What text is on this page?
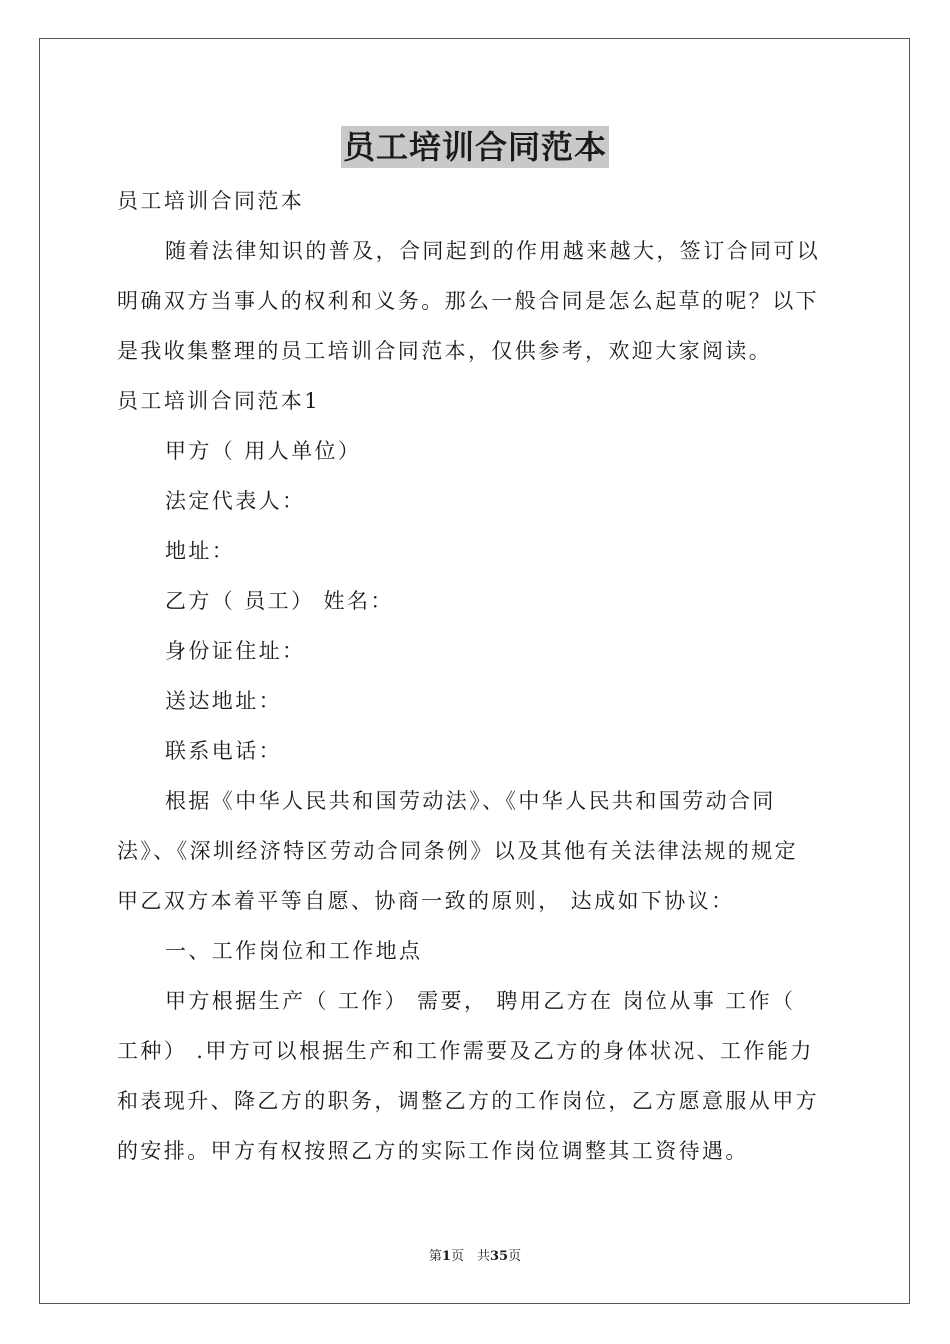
员工培训合同范本
员工培训合同范本
随着法律知识的普及，合同起到的作用越来越大，签订合同可以
明确双方当事人的权利和义务。那么一般合同是怎么起草的呢？以下
是我收集整理的员工培训合同范本，仅供参考，欢迎大家阅读。
员工培训合同范本1
甲方（ 用人单位）
法定代表人：
地址：
乙方（ 员工） 姓名：
身份证住址：
送达地址：
联系电话：
根据《中华人民共和国劳动法》、《中华人民共和国劳动合同
法》、《深圳经济特区劳动合同条例》以及其他有关法律法规的规定
甲乙双方本着平等自愿、协商一致的原则， 达成如下协议：
一、工作岗位和工作地点
甲方根据生产（ 工作） 需要， 聘用乙方在 岗位从事 工作（
工种） .甲方可以根据生产和工作需要及乙方的身体状况、工作能力
和表现升、降乙方的职务，调整乙方的工作岗位，乙方愿意服从甲方
的安排。甲方有权按照乙方的实际工作岗位调整其工资待遇。
第1页　共35页
